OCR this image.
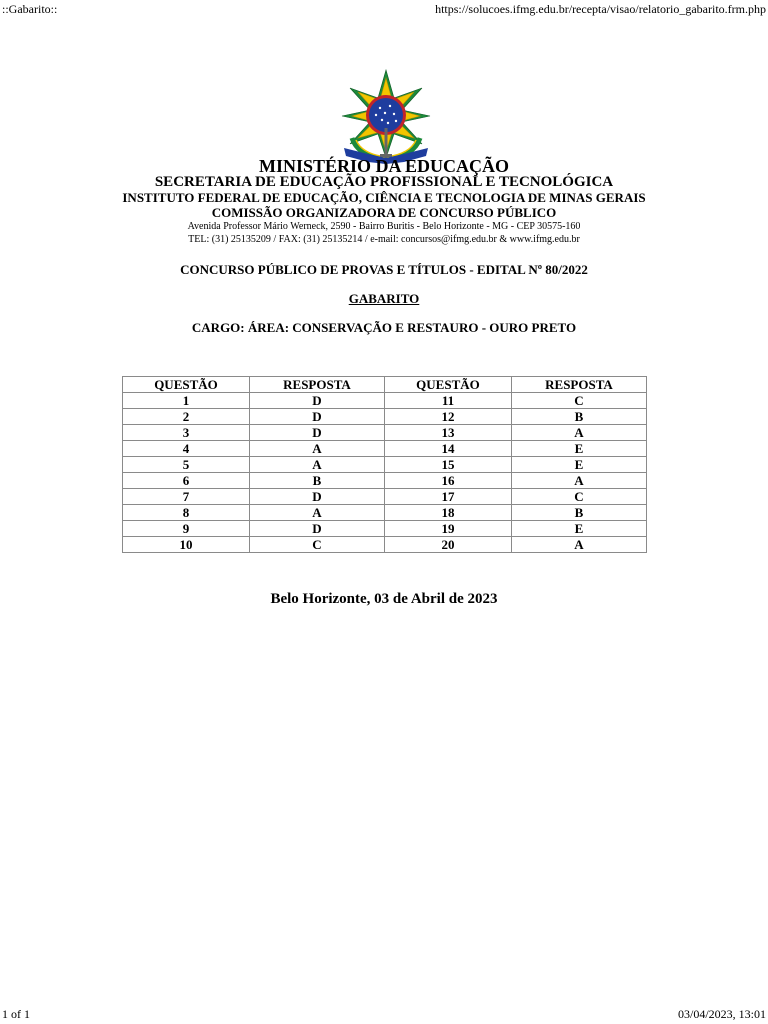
::Gabarito::	https://solucoes.ifmg.edu.br/recepta/visao/relatorio_gabarito.frm.php
MINISTÉRIO DA EDUCAÇÃO
SECRETARIA DE EDUCAÇÃO PROFISSIONAL E TECNOLÓGICA
INSTITUTO FEDERAL DE EDUCAÇÃO, CIÊNCIA E TECNOLOGIA DE MINAS GERAIS
COMISSÃO ORGANIZADORA DE CONCURSO PÚBLICO
Avenida Professor Mário Werneck, 2590 - Bairro Buritis - Belo Horizonte - MG - CEP 30575-160
TEL: (31) 25135209 / FAX: (31) 25135214 / e-mail: concursos@ifmg.edu.br & www.ifmg.edu.br
CONCURSO PÚBLICO DE PROVAS E TÍTULOS - EDITAL Nº 80/2022
GABARITO
CARGO: ÁREA: CONSERVAÇÃO E RESTAURO - OURO PRETO
QUESTÃO	RESPOSTA	QUESTÃO	RESPOSTA
1	D	11	C
2	D	12	B
3	D	13	A
4	A	14	E
5	A	15	E
6	B	16	A
7	D	17	C
8	A	18	B
9	D	19	E
10	C	20	A
Belo Horizonte, 03 de Abril de 2023
1 of 1	03/04/2023, 13:01
